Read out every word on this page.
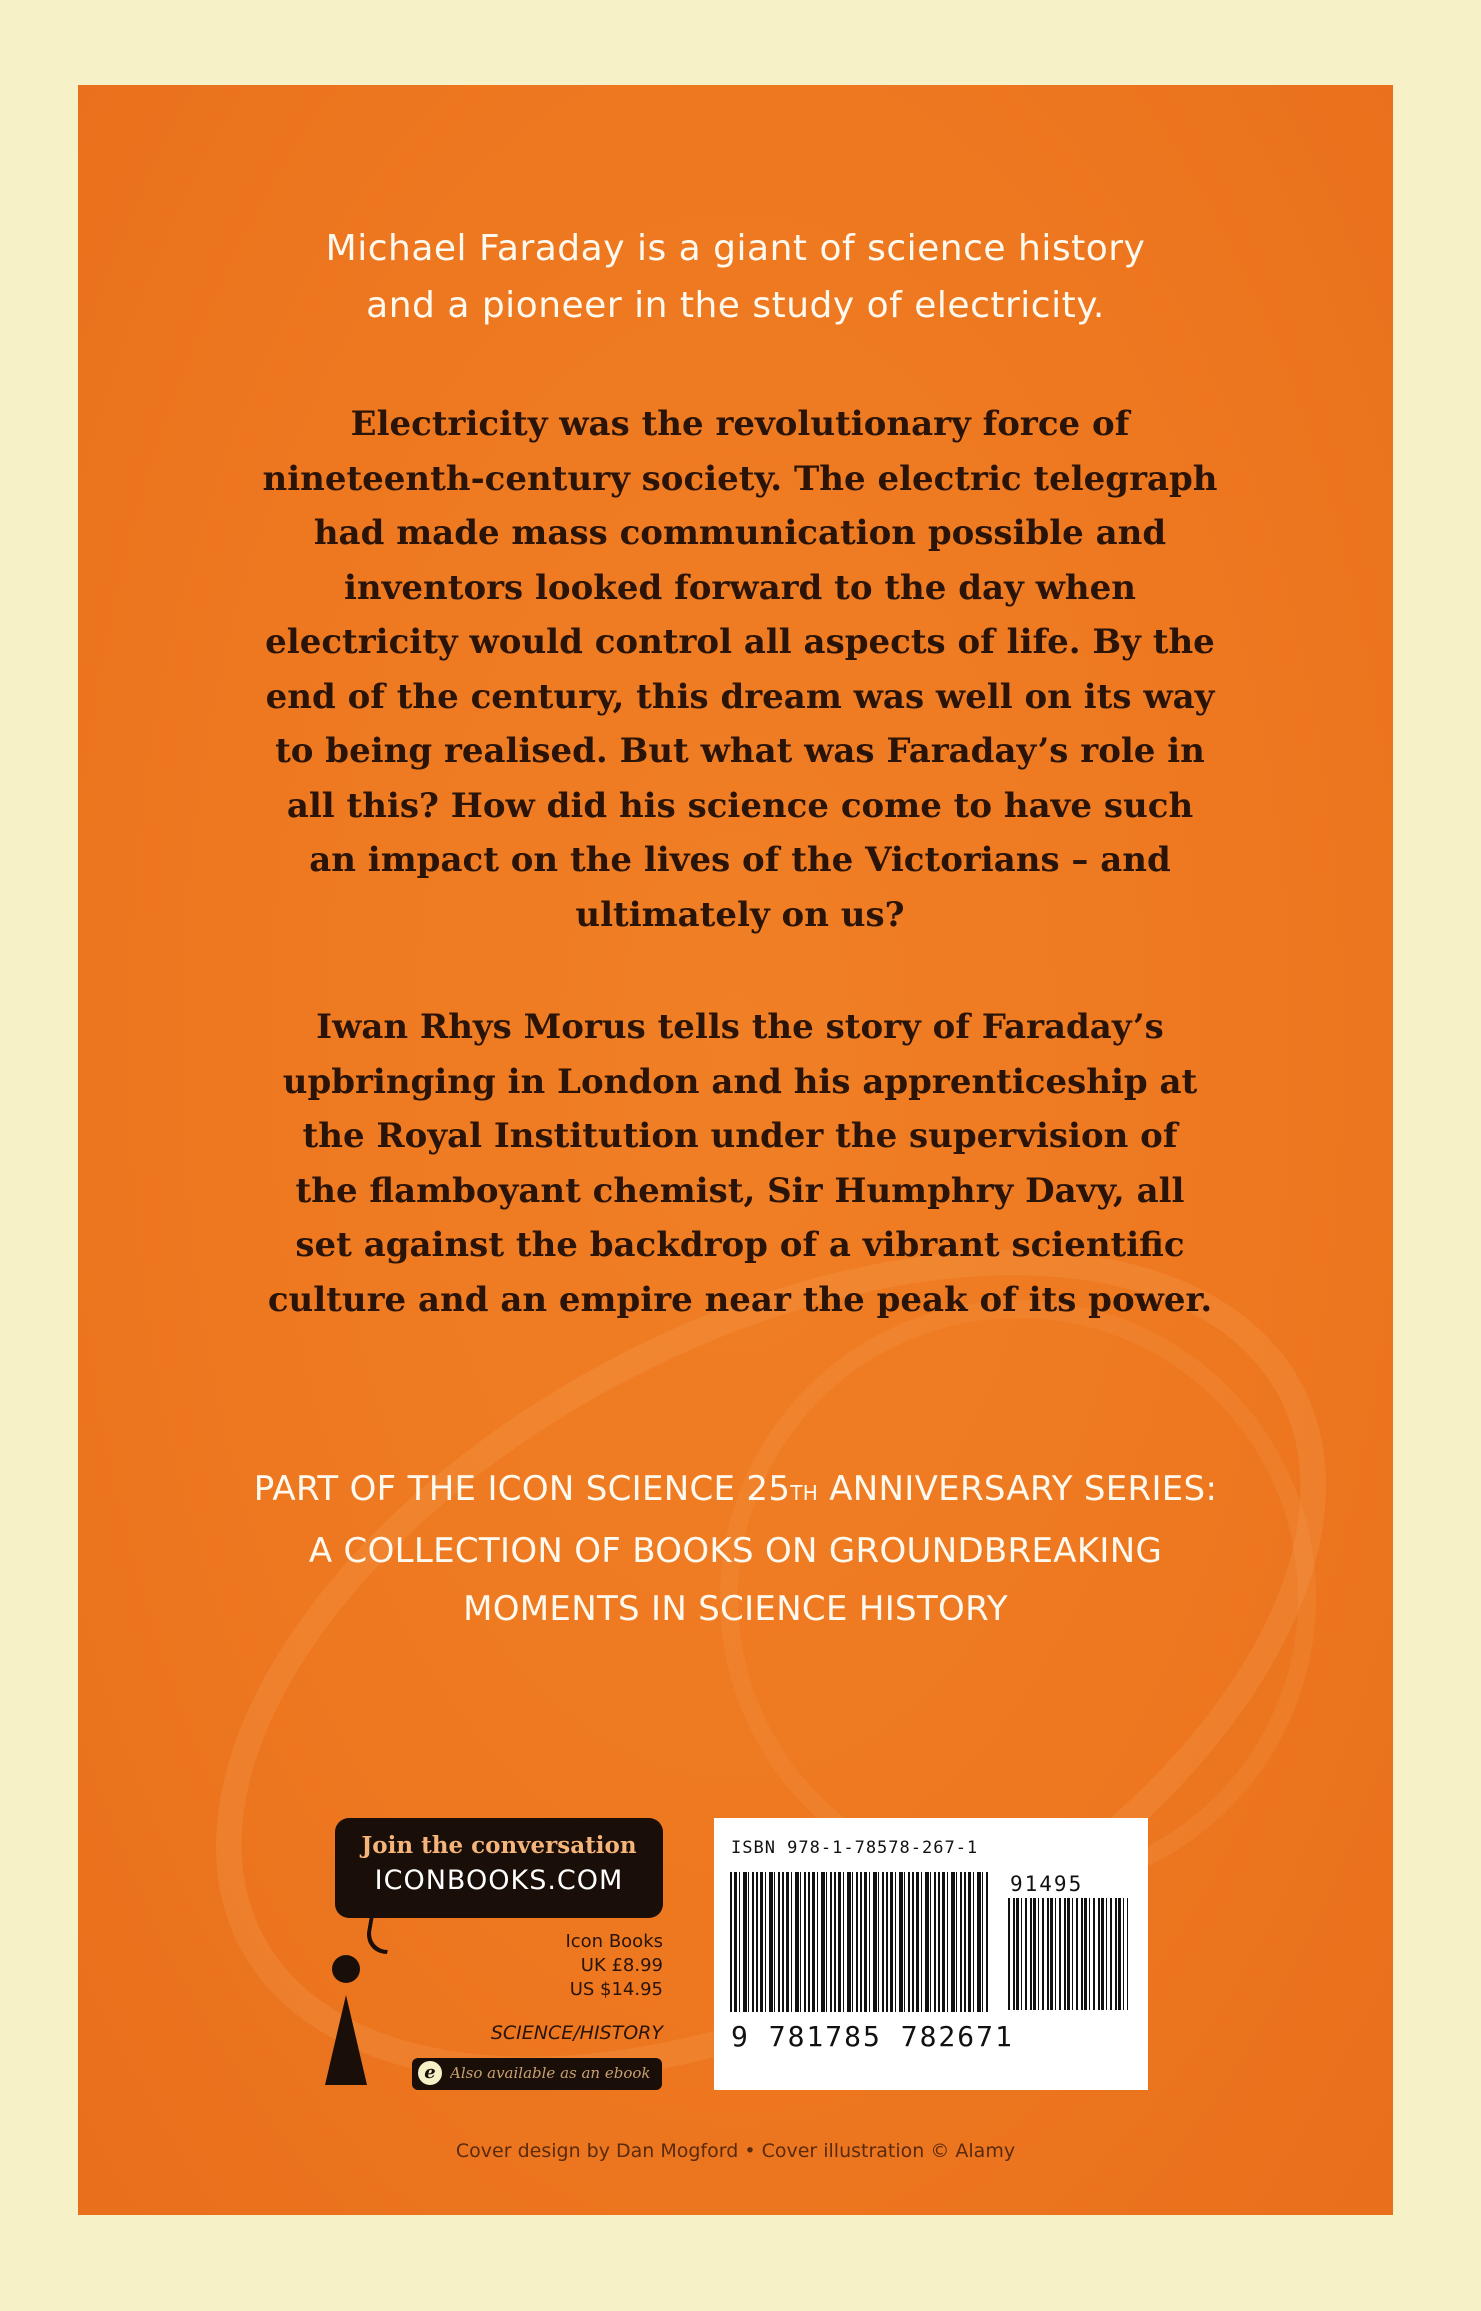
Michael Faraday is a giant of science history
and a pioneer in the study of electricity.
Electricity was the revolutionary force of
nineteenth-century society. The electric telegraph
had made mass communication possible and
inventors looked forward to the day when
electricity would control all aspects of life. By the
end of the century, this dream was well on its way
to being realised. But what was Faraday’s role in
all this? How did his science come to have such
an impact on the lives of the Victorians – and
ultimately on us?
Iwan Rhys Morus tells the story of Faraday’s
upbringing in London and his apprenticeship at
the Royal Institution under the supervision of
the flamboyant chemist, Sir Humphry Davy, all
set against the backdrop of a vibrant scientific
culture and an empire near the peak of its power.
PART OF THE ICON SCIENCE 25TH ANNIVERSARY SERIES:
A COLLECTION OF BOOKS ON GROUNDBREAKING
MOMENTS IN SCIENCE HISTORY
Join the conversation
ICONBOOKS.COM
Icon Books
UK £8.99
US $14.95
SCIENCE/HISTORY
e Also available as an ebook
ISBN 978-1-78578-267-1
91495
9 781785 782671
Cover design by Dan Mogford • Cover illustration © Alamy
